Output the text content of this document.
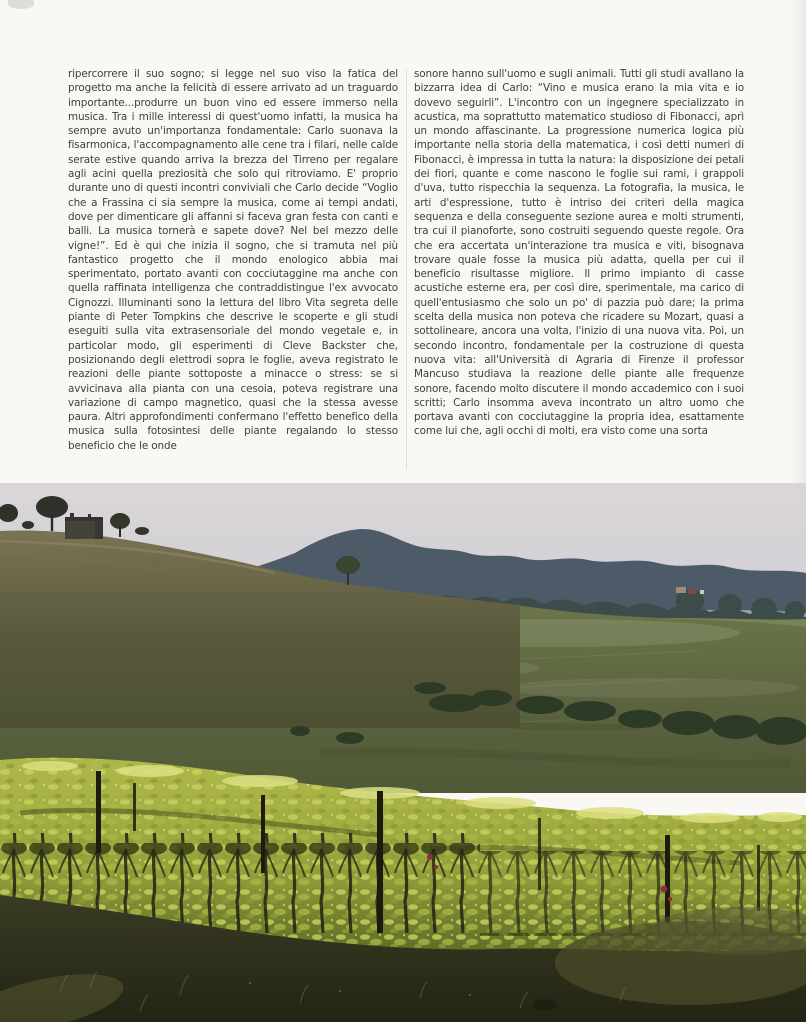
ripercorrere il suo sogno; si legge nel suo viso la fatica del progetto ma anche la felicità di essere arrivato ad un traguardo importante...produrre un buon vino ed essere immerso nella musica. Tra i mille interessi di quest'uomo infatti, la musica ha sempre avuto un'importanza fondamentale: Carlo suonava la fisarmonica, l'accompagnamento alle cene tra i filari, nelle calde serate estive quando arriva la brezza del Tirreno per regalare agli acini quella preziosità che solo qui ritroviamo. E' proprio durante uno di questi incontri conviviali che Carlo decide “Voglio che a Frassina ci sia sempre la musica, come ai tempi andati, dove per dimenticare gli affanni si faceva gran festa con canti e balli. La musica tornerà e sapete dove? Nel bel mezzo delle vigne!”. Ed è qui che inizia il sogno, che si tramuta nel più fantastico progetto che il mondo enologico abbia mai sperimentato, portato avanti con cocciutaggine ma anche con quella raffinata intelligenza che contraddistingue l'ex avvocato Cignozzi. Illuminanti sono la lettura del libro Vita segreta delle piante di Peter Tompkins che descrive le scoperte e gli studi eseguiti sulla vita extrasensoriale del mondo vegetale e, in particolar modo, gli esperimenti di Cleve Backster che, posizionando degli elettrodi sopra le foglie, aveva registrato le reazioni delle piante sottoposte a minacce o stress: se si avvicinava alla pianta con una cesoia, poteva registrare una variazione di campo magnetico, quasi che la stessa avesse paura. Altri approfondimenti confermano l'effetto benefico della musica sulla fotosintesi delle piante regalando lo stesso beneficio che le onde

sonore hanno sull'uomo e sugli animali. Tutti gli studi avallano la bizzarra idea di Carlo: “Vino e musica erano la mia vita e io dovevo seguirli”. L'incontro con un ingegnere specializzato in acustica, ma soprattutto matematico studioso di Fibonacci, aprì un mondo affascinante. La progressione numerica logica più importante nella storia della matematica, i così detti numeri di Fibonacci, è impressa in tutta la natura: la disposizione dei petali dei fiori, quante e come nascono le foglie sui rami, i grappoli d'uva, tutto rispecchia la sequenza. La fotografia, la musica, le arti d'espressione, tutto è intriso dei criteri della magica sequenza e della conseguente sezione aurea e molti strumenti, tra cui il pianoforte, sono costruiti seguendo queste regole. Ora che era accertata un'interazione tra musica e viti, bisognava trovare quale fosse la musica più adatta, quella per cui il beneficio risultasse migliore. Il primo impianto di casse acustiche esterne era, per così dire, sperimentale, ma carico di quell'entusiasmo che solo un po' di pazzia può dare; la prima scelta della musica non poteva che ricadere su Mozart, quasi a sottolineare, ancora una volta, l'inizio di una nuova vita. Poi, un secondo incontro, fondamentale per la costruzione di questa nuova vita: all'Università di Agraria di Firenze il professor Mancuso studiava la reazione delle piante alle frequenze sonore, facendo molto discutere il mondo accademico con i suoi scritti; Carlo insomma aveva incontrato un altro uomo che portava avanti con cocciutaggine la propria idea, esattamente come lui che, agli occhi di molti, era visto come una sorta
